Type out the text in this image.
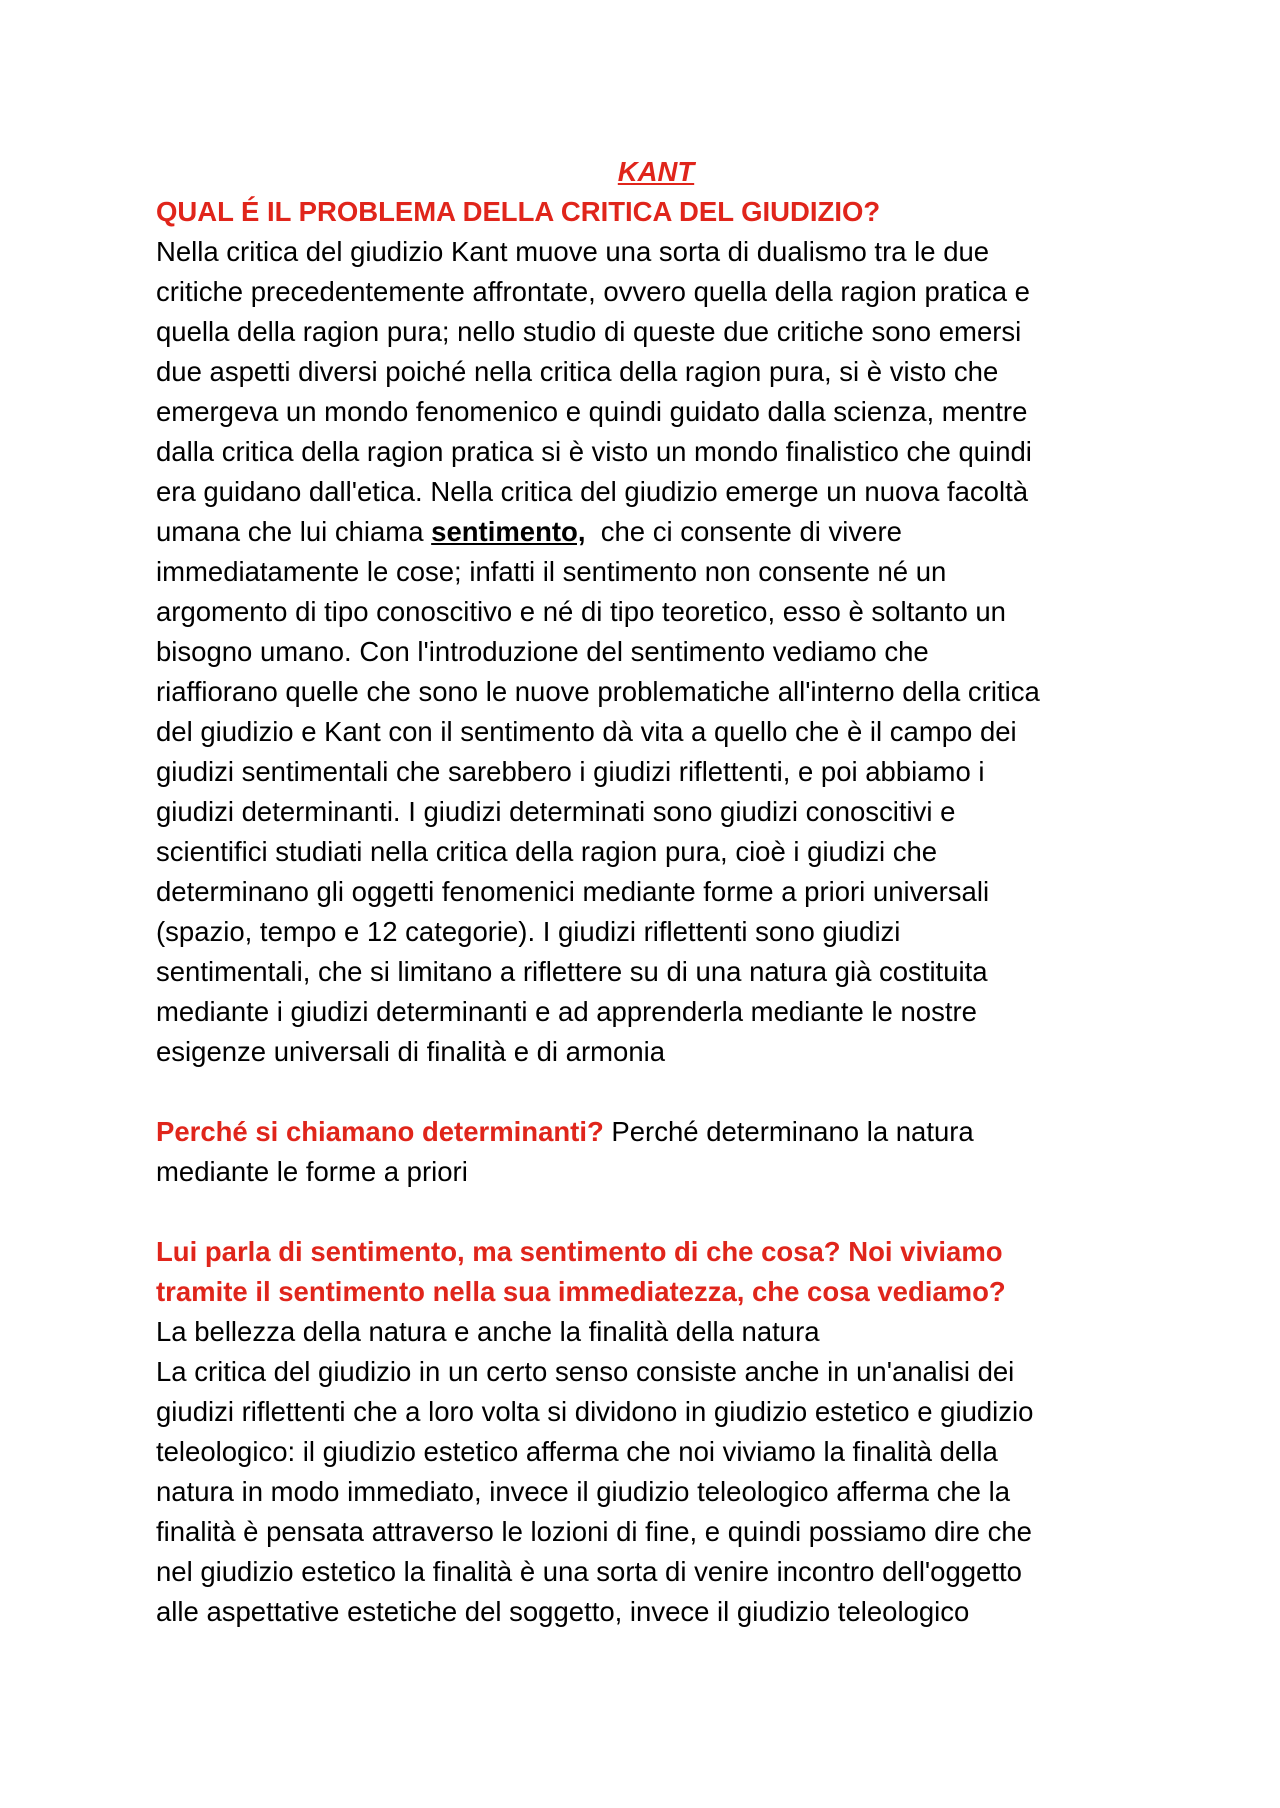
KANT

QUAL É IL PROBLEMA DELLA CRITICA DEL GIUDIZIO?

Nella critica del giudizio Kant muove una sorta di dualismo tra le due

critiche precedentemente affrontate, ovvero quella della ragion pratica e

quella della ragion pura; nello studio di queste due critiche sono emersi

due aspetti diversi poiché nella critica della ragion pura, si è visto che

emergeva un mondo fenomenico e quindi guidato dalla scienza, mentre

dalla critica della ragion pratica si è visto un mondo finalistico che quindi

era guidano dall'etica. Nella critica del giudizio emerge un nuova facoltà

umana che lui chiama sentimento,  che ci consente di vivere

immediatamente le cose; infatti il sentimento non consente né un

argomento di tipo conoscitivo e né di tipo teoretico, esso è soltanto un

bisogno umano. Con l'introduzione del sentimento vediamo che

riaffiorano quelle che sono le nuove problematiche all'interno della critica

del giudizio e Kant con il sentimento dà vita a quello che è il campo dei

giudizi sentimentali che sarebbero i giudizi riflettenti, e poi abbiamo i

giudizi determinanti. I giudizi determinati sono giudizi conoscitivi e

scientifici studiati nella critica della ragion pura, cioè i giudizi che

determinano gli oggetti fenomenici mediante forme a priori universali

(spazio, tempo e 12 categorie). I giudizi riflettenti sono giudizi

sentimentali, che si limitano a riflettere su di una natura già costituita

mediante i giudizi determinanti e ad apprenderla mediante le nostre

esigenze universali di finalità e di armonia

Perché si chiamano determinanti? Perché determinano la natura

mediante le forme a priori

Lui parla di sentimento, ma sentimento di che cosa? Noi viviamo

tramite il sentimento nella sua immediatezza, che cosa vediamo?

La bellezza della natura e anche la finalità della natura

La critica del giudizio in un certo senso consiste anche in un'analisi dei

giudizi riflettenti che a loro volta si dividono in giudizio estetico e giudizio

teleologico: il giudizio estetico afferma che noi viviamo la finalità della

natura in modo immediato, invece il giudizio teleologico afferma che la

finalità è pensata attraverso le lozioni di fine, e quindi possiamo dire che

nel giudizio estetico la finalità è una sorta di venire incontro dell'oggetto

alle aspettative estetiche del soggetto, invece il giudizio teleologico
